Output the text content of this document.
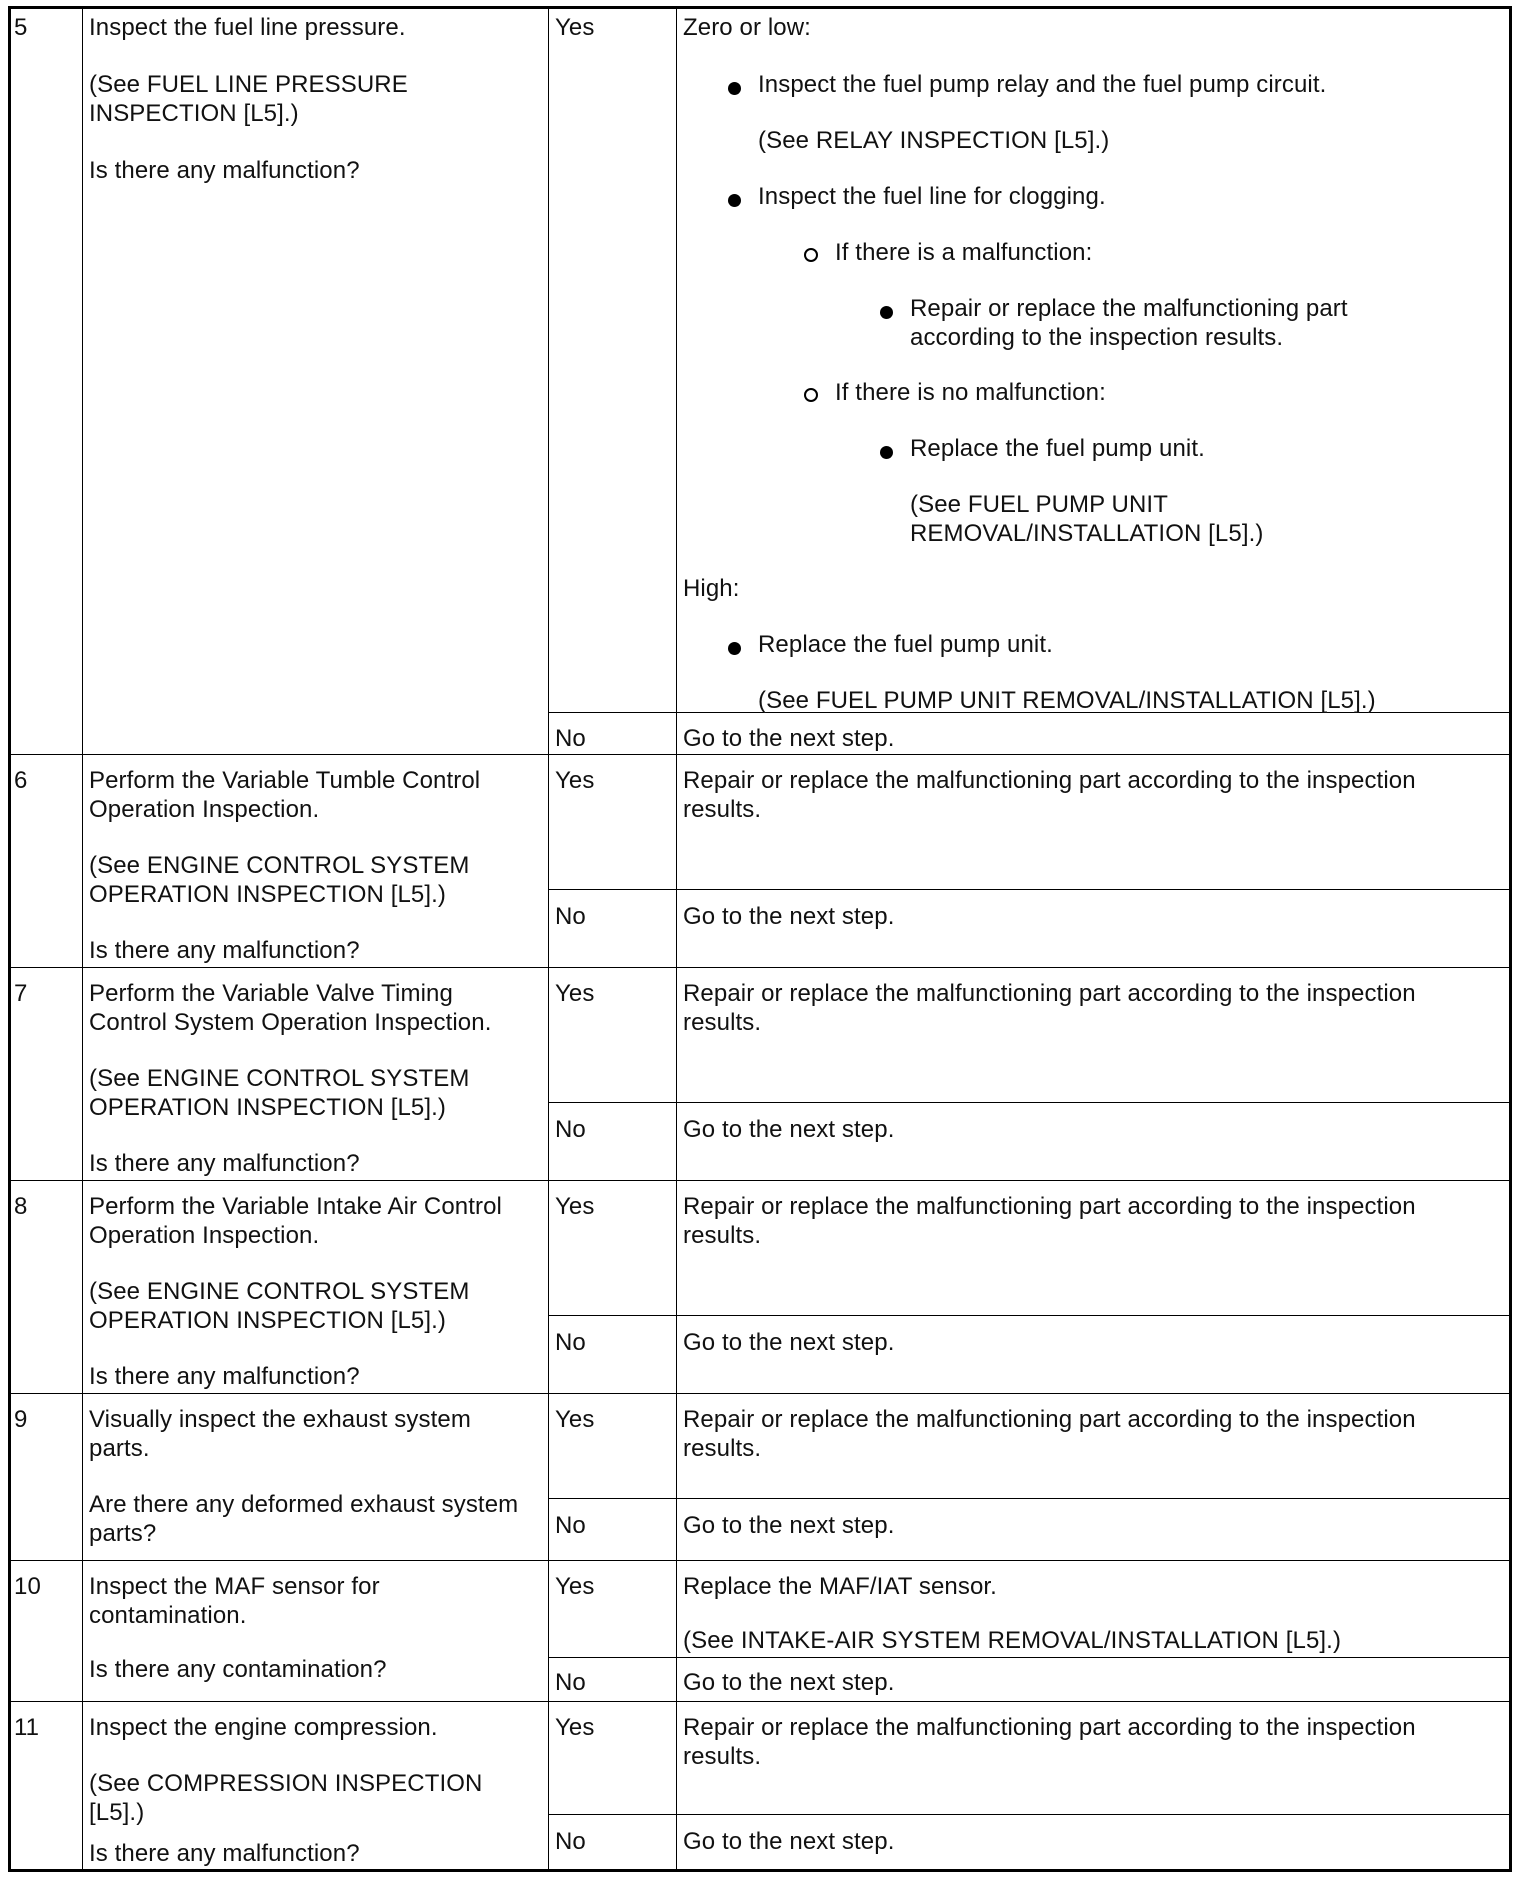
5	Inspect the fuel line pressure.
(See FUEL LINE PRESSURE
INSPECTION [L5].)
Is there any malfunction?
Yes	Zero or low:
Inspect the fuel pump relay and the fuel pump circuit.
(See RELAY INSPECTION [L5].)
Inspect the fuel line for clogging.
If there is a malfunction:
Repair or replace the malfunctioning part
according to the inspection results.
If there is no malfunction:
Replace the fuel pump unit.
(See FUEL PUMP UNIT
REMOVAL/INSTALLATION [L5].)
High:
Replace the fuel pump unit.
(See FUEL PUMP UNIT REMOVAL/INSTALLATION [L5].)
No	Go to the next step.
6	Perform the Variable Tumble Control
Operation Inspection.
(See ENGINE CONTROL SYSTEM
OPERATION INSPECTION [L5].)
Is there any malfunction?
Yes	Repair or replace the malfunctioning part according to the inspection
results.
No	Go to the next step.
7	Perform the Variable Valve Timing
Control System Operation Inspection.
(See ENGINE CONTROL SYSTEM
OPERATION INSPECTION [L5].)
Is there any malfunction?
Yes	Repair or replace the malfunctioning part according to the inspection
results.
No	Go to the next step.
8	Perform the Variable Intake Air Control
Operation Inspection.
(See ENGINE CONTROL SYSTEM
OPERATION INSPECTION [L5].)
Is there any malfunction?
Yes	Repair or replace the malfunctioning part according to the inspection
results.
No	Go to the next step.
9	Visually inspect the exhaust system
parts.
Are there any deformed exhaust system
parts?
Yes	Repair or replace the malfunctioning part according to the inspection
results.
No	Go to the next step.
10 Inspect the MAF sensor for
contamination.
Is there any contamination?
Yes	Replace the MAF/IAT sensor.
(See INTAKE-AIR SYSTEM REMOVAL/INSTALLATION [L5].)
No	Go to the next step.
11 Inspect the engine compression.
(See COMPRESSION INSPECTION
[L5].)
Is there any malfunction?
Yes	Repair or replace the malfunctioning part according to the inspection
results.
No	Go to the next step.
